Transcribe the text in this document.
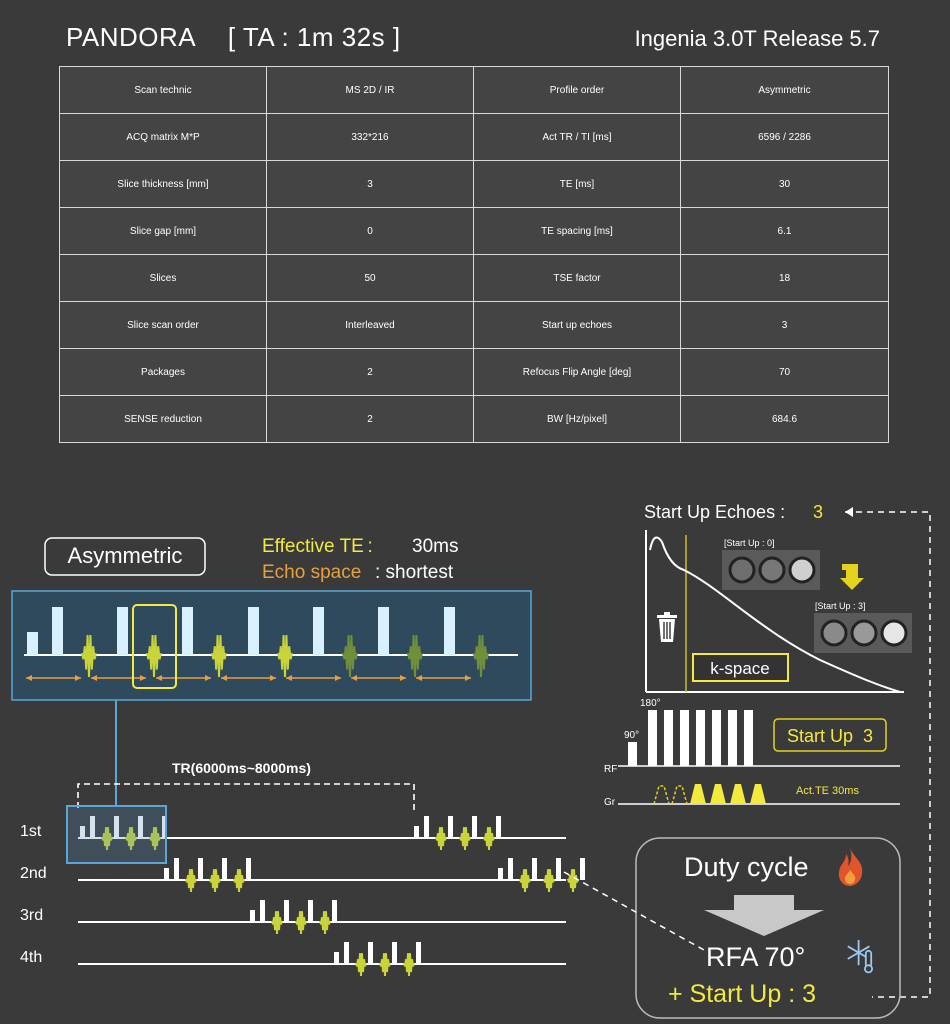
PANDORA [ TA : 1m 32s ]	Ingenia 3.0T Release 5.7
Scan technic	MS 2D / IR	Profile order	Asymmetric
ACQ matrix M*P	332*216	Act TR / TI [ms]	6596 / 2286
Slice thickness [mm]	3	TE [ms]	30
Slice gap [mm]	0	TE spacing [ms]	6.1
Slices	50	TSE factor	18
Slice scan order	Interleaved	Start up echoes	3
Packages	2	Refocus Flip Angle [deg]	70
SENSE reduction	2	BW [Hz/pixel]	684.6
Asymmetric	Effective TE : 30ms
Echo space : shortest
TR(6000ms~8000ms)
1st
2nd
3rd
4th
Start Up Echoes : 3
k-space
[Start Up : 0]
[Start Up : 3]
180°
90°
RF
Gr
Start Up  3
Act.TE 30ms
Duty cycle
RFA 70°
+ Start Up : 3
